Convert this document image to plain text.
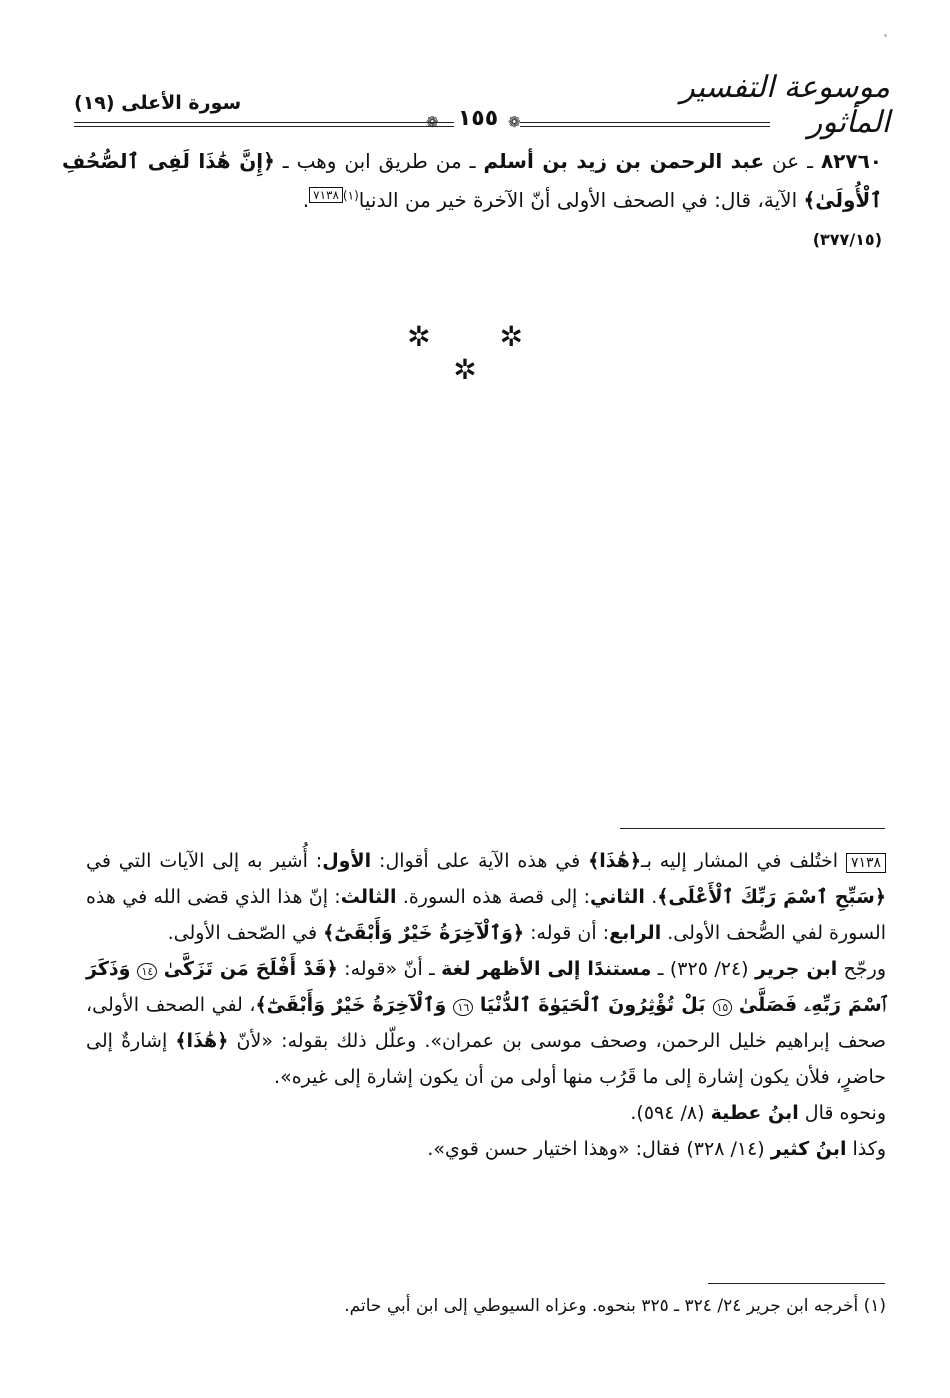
موسوعة التفسير المأثور
سورة الأعلى (١٩)
❁ ١٥٥ ❁
٨٢٧٦٠ ـ عن عبد الرحمن بن زيد بن أسلم ـ من طريق ابن وهب ـ ﴿إِنَّ هَٰذَا لَفِى ٱلصُّحُفِ ٱلْأُولَىٰ﴾ الآية، قال: في الصحف الأولى أنّ الآخرة خير من الدنيا$^{(١)}$٧١٣٨.
(٣٧٧/١٥)
✲ ✲ ✲

٧١٣٨ اختُلف في المشار إليه بـ﴿هَٰذَا﴾ في هذه الآية على أقوال: الأول: أُشير به إلى الآيات التي في ﴿سَبِّحِ ٱسْمَ رَبِّكَ ٱلْأَعْلَى﴾. الثاني: إلى قصة هذه السورة. الثالث: إنّ هذا الذي قضى الله في هذه السورة لفي الصُّحف الأولى. الرابع: أن قوله: ﴿وَٱلْآخِرَةُ خَيْرٌ وَأَبْقَىٰٓ﴾ في الصّحف الأولى.

ورجّح ابن جرير (٢٤/ ٣٢٥) ـ مستندًا إلى الأظهر لغة ـ أنّ «قوله: ﴿قَدْ أَفْلَحَ مَن تَزَكَّىٰ ١٤ وَذَكَرَ ٱسْمَ رَبِّهِۦ فَصَلَّىٰ ١٥ بَلْ تُؤْثِرُونَ ٱلْحَيَوٰةَ ٱلدُّنْيَا ١٦ وَٱلْآخِرَةُ خَيْرٌ وَأَبْقَىٰٓ﴾، لفي الصحف الأولى، صحف إبراهيم خليل الرحمن، وصحف موسى بن عمران». وعلّل ذلك بقوله: «لأنّ ﴿هَٰذَا﴾ إشارةٌ إلى حاضرٍ، فلأن يكون إشارة إلى ما قَرُب منها أولى من أن يكون إشارة إلى غيره».

ونحوه قال ابنُ عطية (٨/ ٥٩٤).

وكذا ابنُ كثير (١٤/ ٣٢٨) فقال: «وهذا اختيار حسن قوي».

(١) أخرجه ابن جرير ٢٤/ ٣٢٤ ـ ٣٢٥ بنحوه. وعزاه السيوطي إلى ابن أبي حاتم.
